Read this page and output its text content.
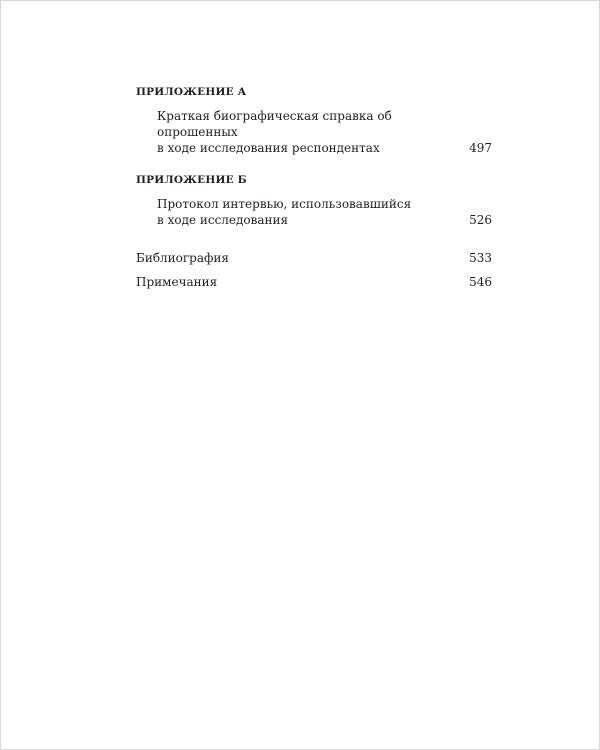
ПРИЛОЖЕНИЕ А

Краткая биографическая справка об опрошенных
в ходе исследования респондентах	497

ПРИЛОЖЕНИЕ Б

Протокол интервью, использовавшийся
в ходе исследования	526
Библиография	533
Примечания	546
